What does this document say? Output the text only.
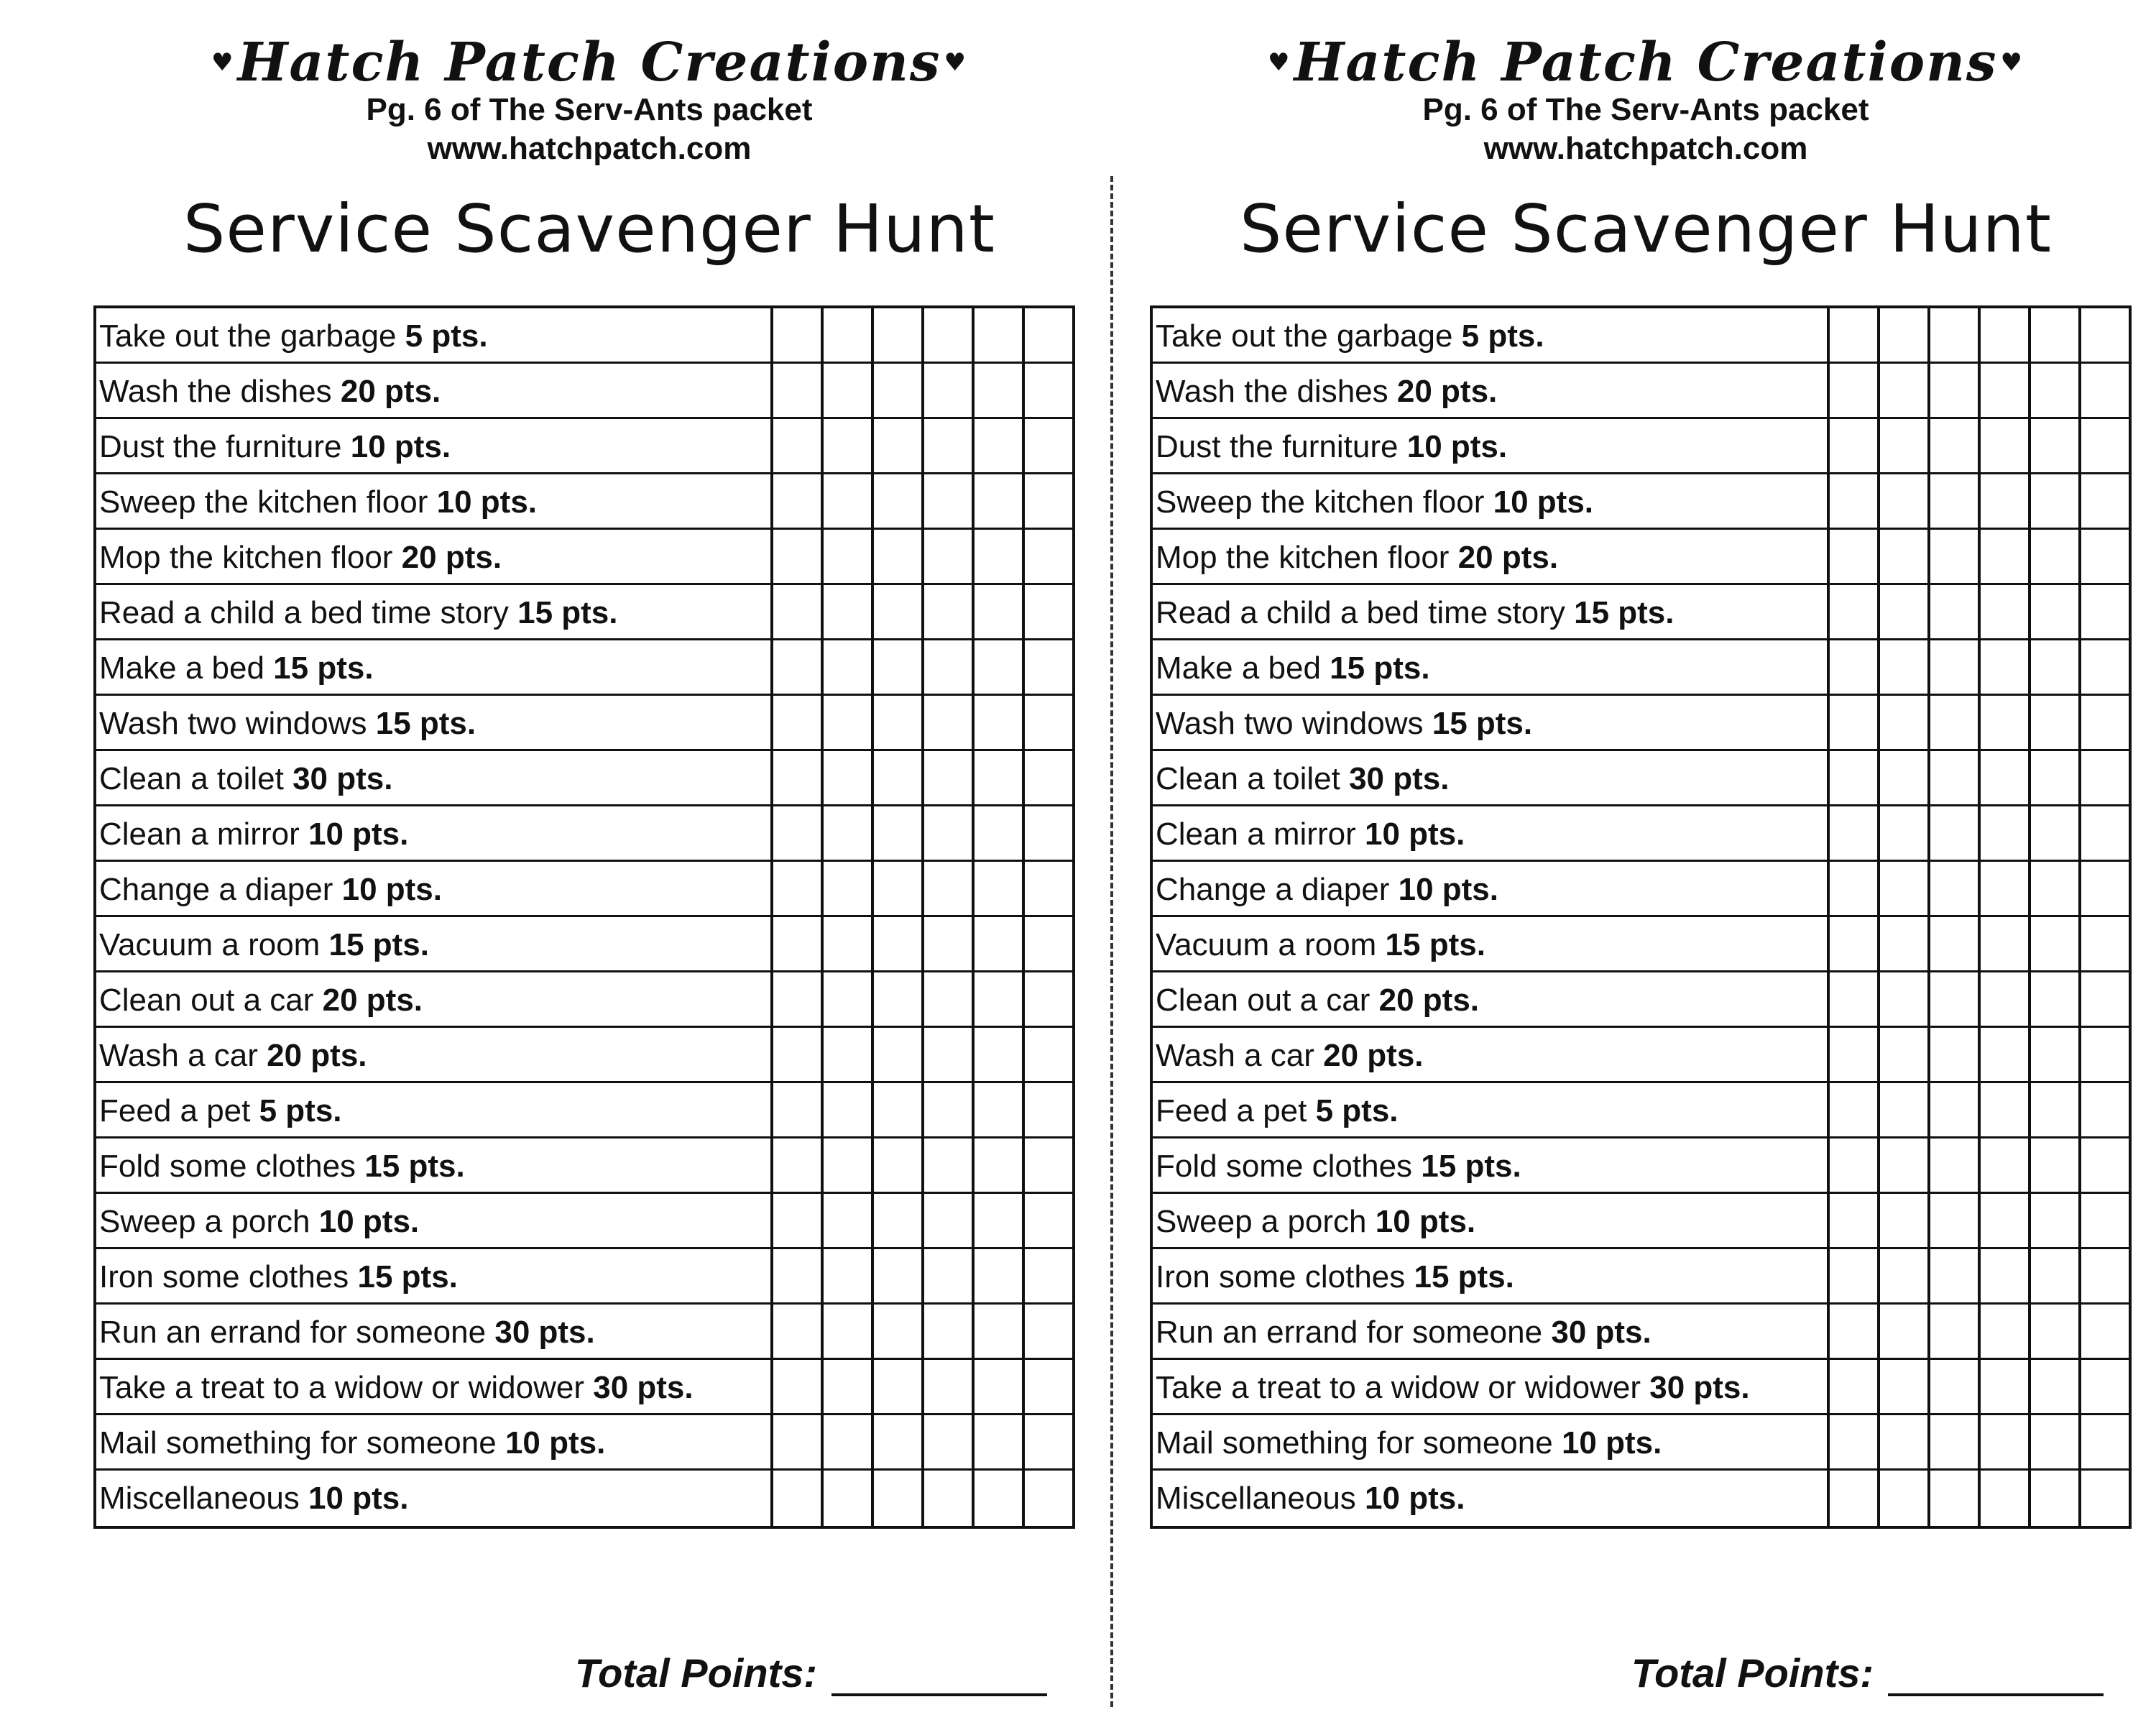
♥Hatch Patch Creations ♥
Pg. 6 of The Serv-Ants packet
www.hatchpatch.com
Service Scavenger Hunt
Take out the garbage 5 pts.
Wash the dishes 20 pts.
Dust the furniture 10 pts.
Sweep the kitchen floor 10 pts.
Mop the kitchen floor 20 pts.
Read a child a bed time story 15 pts.
Make a bed 15 pts.
Wash two windows 15 pts.
Clean a toilet 30 pts.
Clean a mirror 10 pts.
Change a diaper 10 pts.
Vacuum a room 15 pts.
Clean out a car 20 pts.
Wash a car 20 pts.
Feed a pet 5 pts.
Fold some clothes 15 pts.
Sweep a porch 10 pts.
Iron some clothes 15 pts.
Run an errand for someone 30 pts.
Take a treat to a widow or widower 30 pts.
Mail something for someone 10 pts.
Miscellaneous 10 pts.
Total Points:
♥Hatch Patch Creations ♥
Pg. 6 of The Serv-Ants packet
www.hatchpatch.com
Service Scavenger Hunt
Take out the garbage 5 pts.
Wash the dishes 20 pts.
Dust the furniture 10 pts.
Sweep the kitchen floor 10 pts.
Mop the kitchen floor 20 pts.
Read a child a bed time story 15 pts.
Make a bed 15 pts.
Wash two windows 15 pts.
Clean a toilet 30 pts.
Clean a mirror 10 pts.
Change a diaper 10 pts.
Vacuum a room 15 pts.
Clean out a car 20 pts.
Wash a car 20 pts.
Feed a pet 5 pts.
Fold some clothes 15 pts.
Sweep a porch 10 pts.
Iron some clothes 15 pts.
Run an errand for someone 30 pts.
Take a treat to a widow or widower 30 pts.
Mail something for someone 10 pts.
Miscellaneous 10 pts.
Total Points:
